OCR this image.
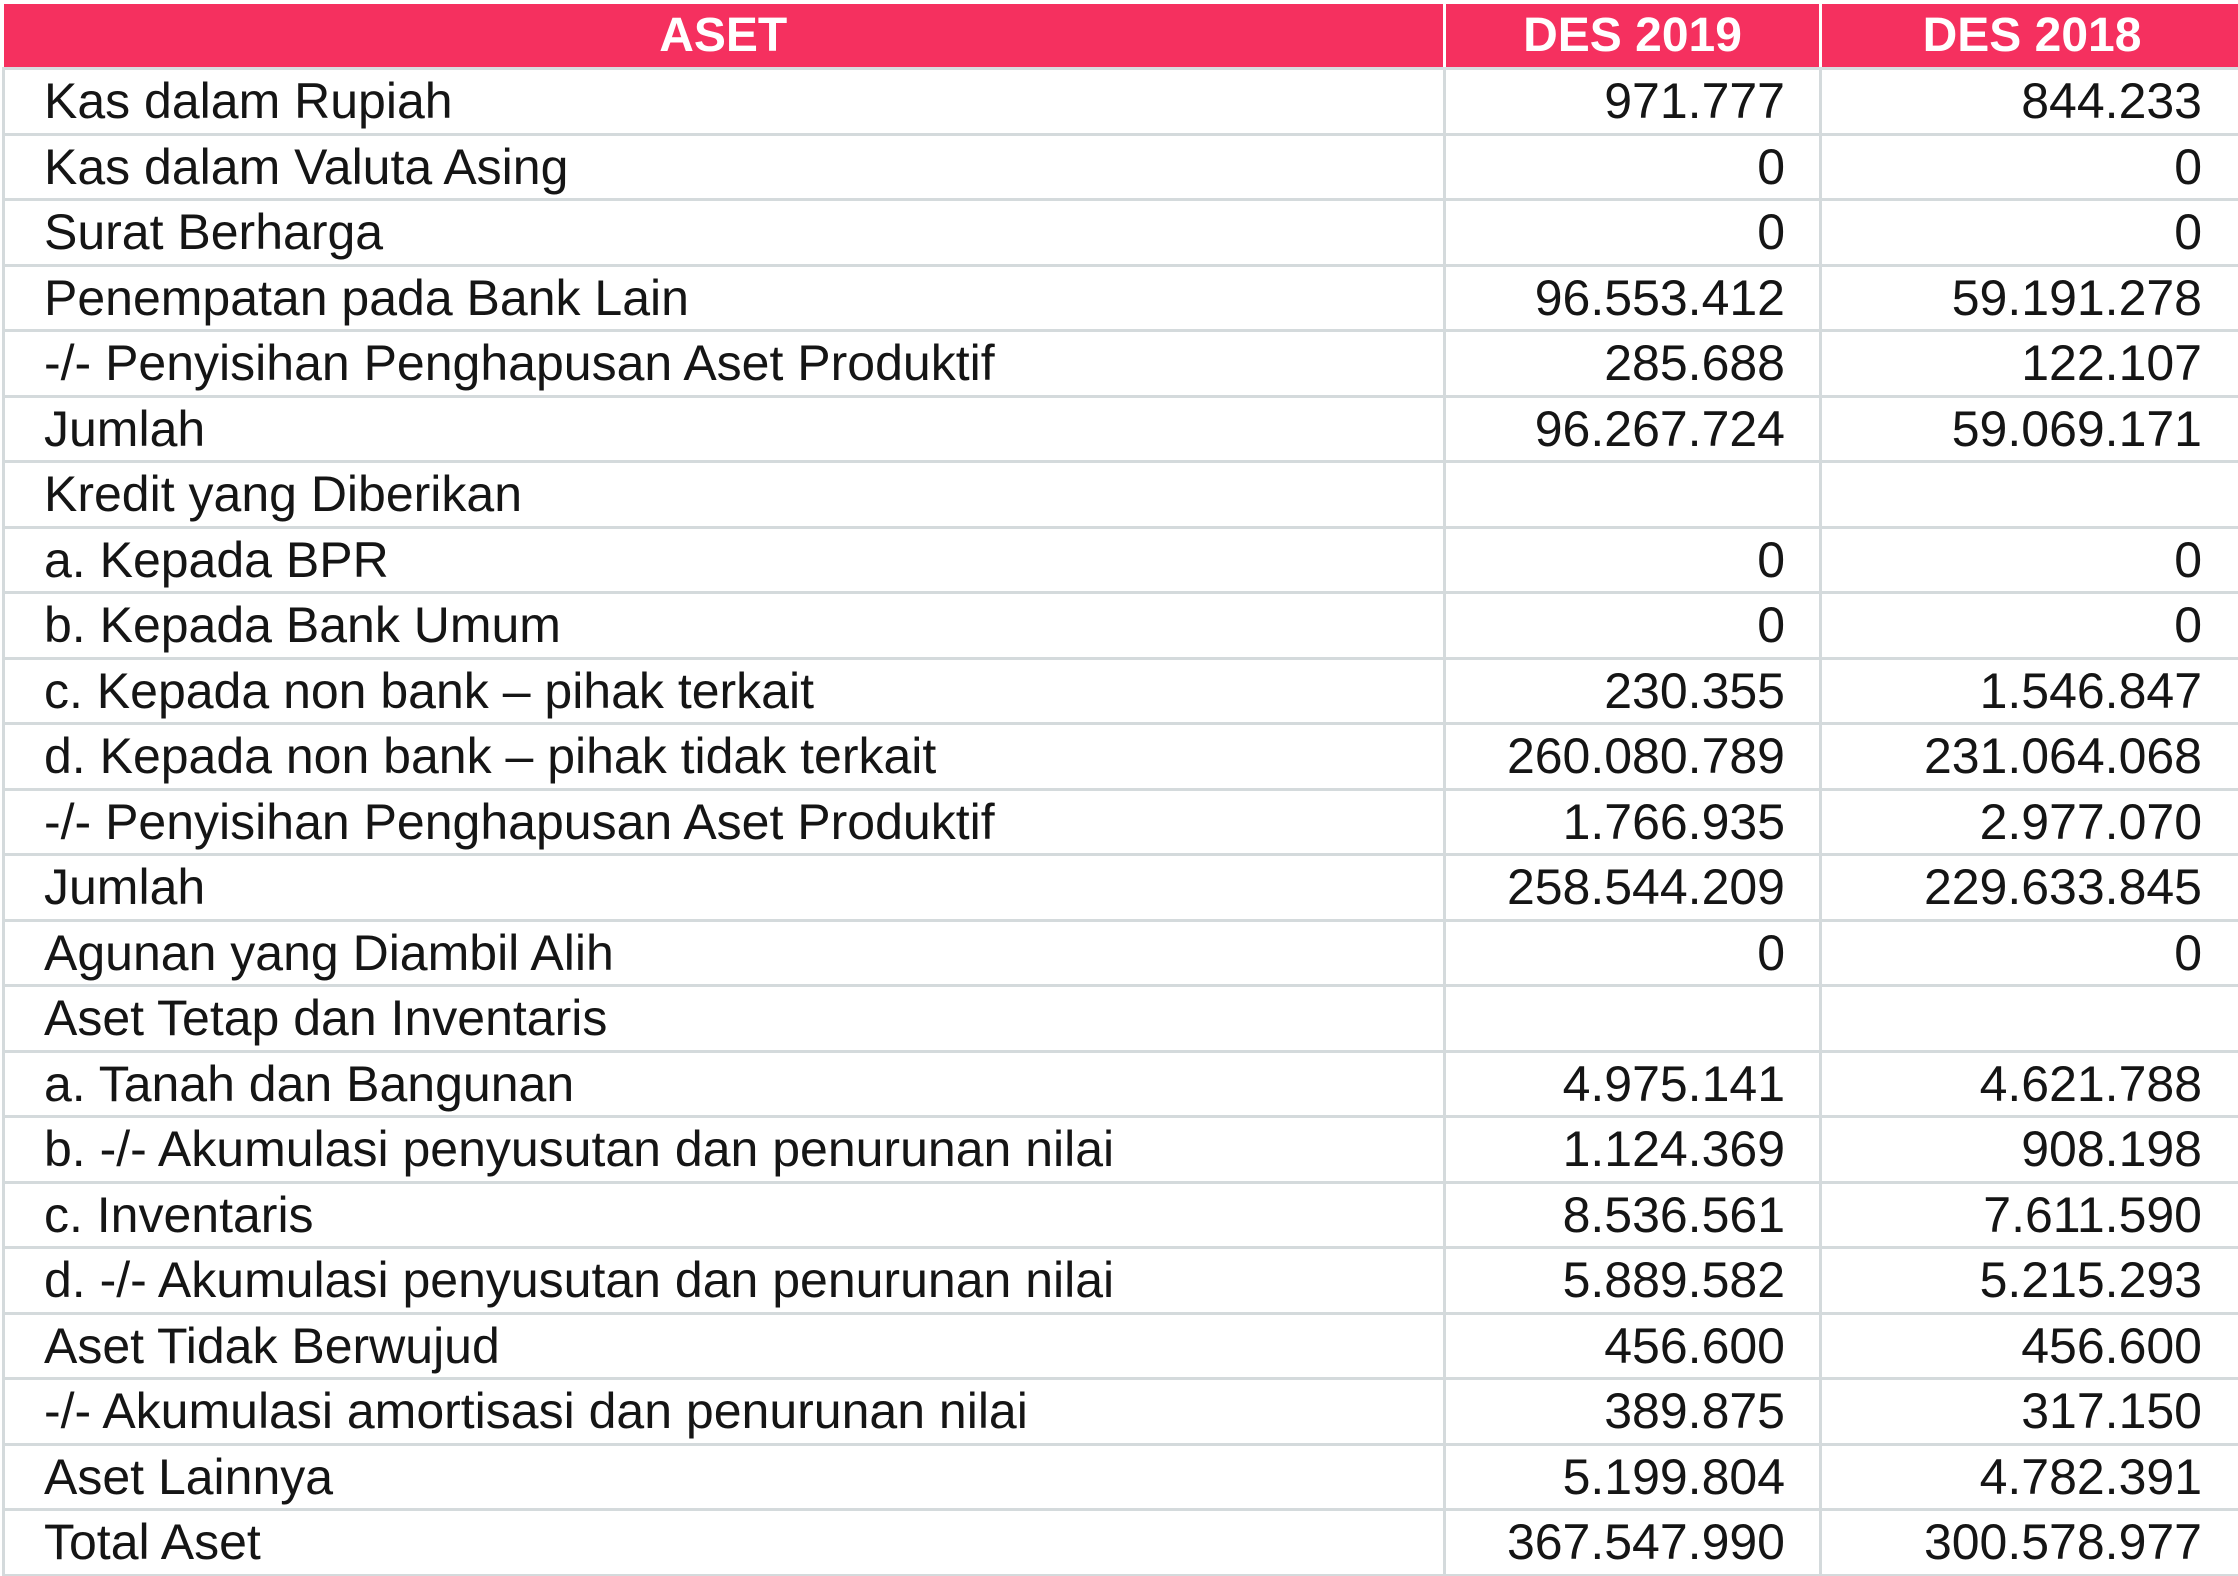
ASET	DES 2019	DES 2018
Kas dalam Rupiah	971.777	844.233
Kas dalam Valuta Asing	0	0
Surat Berharga	0	0
Penempatan pada Bank Lain	96.553.412	59.191.278
-/- Penyisihan Penghapusan Aset Produktif	285.688	122.107
Jumlah	96.267.724	59.069.171
Kredit yang Diberikan		
a. Kepada BPR	0	0
b. Kepada Bank Umum	0	0
c. Kepada non bank – pihak terkait	230.355	1.546.847
d. Kepada non bank – pihak tidak terkait	260.080.789	231.064.068
-/- Penyisihan Penghapusan Aset Produktif	1.766.935	2.977.070
Jumlah	258.544.209	229.633.845
Agunan yang Diambil Alih	0	0
Aset Tetap dan Inventaris		
a. Tanah dan Bangunan	4.975.141	4.621.788
b. -/- Akumulasi penyusutan dan penurunan nilai	1.124.369	908.198
c. Inventaris	8.536.561	7.611.590
d. -/- Akumulasi penyusutan dan penurunan nilai	5.889.582	5.215.293
Aset Tidak Berwujud	456.600	456.600
-/- Akumulasi amortisasi dan penurunan nilai	389.875	317.150
Aset Lainnya	5.199.804	4.782.391
Total Aset	367.547.990	300.578.977
